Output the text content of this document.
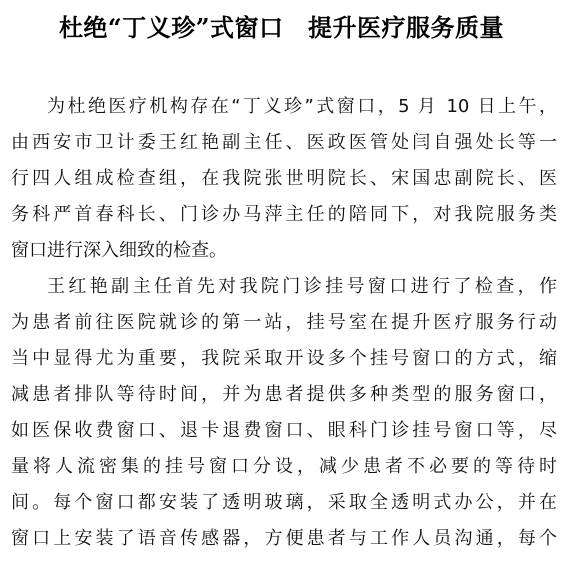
杜绝“丁义珍”式窗口　提升医疗服务质量

为杜绝医疗机构存在“丁义珍”式窗口，5 月 10 日上午，
由西安市卫计委王红艳副主任、医政医管处闫自强处长等一
行四人组成检查组，在我院张世明院长、宋国忠副院长、医
务科严首春科长、门诊办马萍主任的陪同下，对我院服务类
窗口进行深入细致的检查。

王红艳副主任首先对我院门诊挂号窗口进行了检查，作
为患者前往医院就诊的第一站，挂号室在提升医疗服务行动
当中显得尤为重要，我院采取开设多个挂号窗口的方式，缩
减患者排队等待时间，并为患者提供多种类型的服务窗口，
如医保收费窗口、退卡退费窗口、眼科门诊挂号窗口等，尽
量将人流密集的挂号窗口分设，减少患者不必要的等待时
间。每个窗口都安装了透明玻璃，采取全透明式办公，并在
窗口上安装了语音传感器，方便患者与工作人员沟通，每个
